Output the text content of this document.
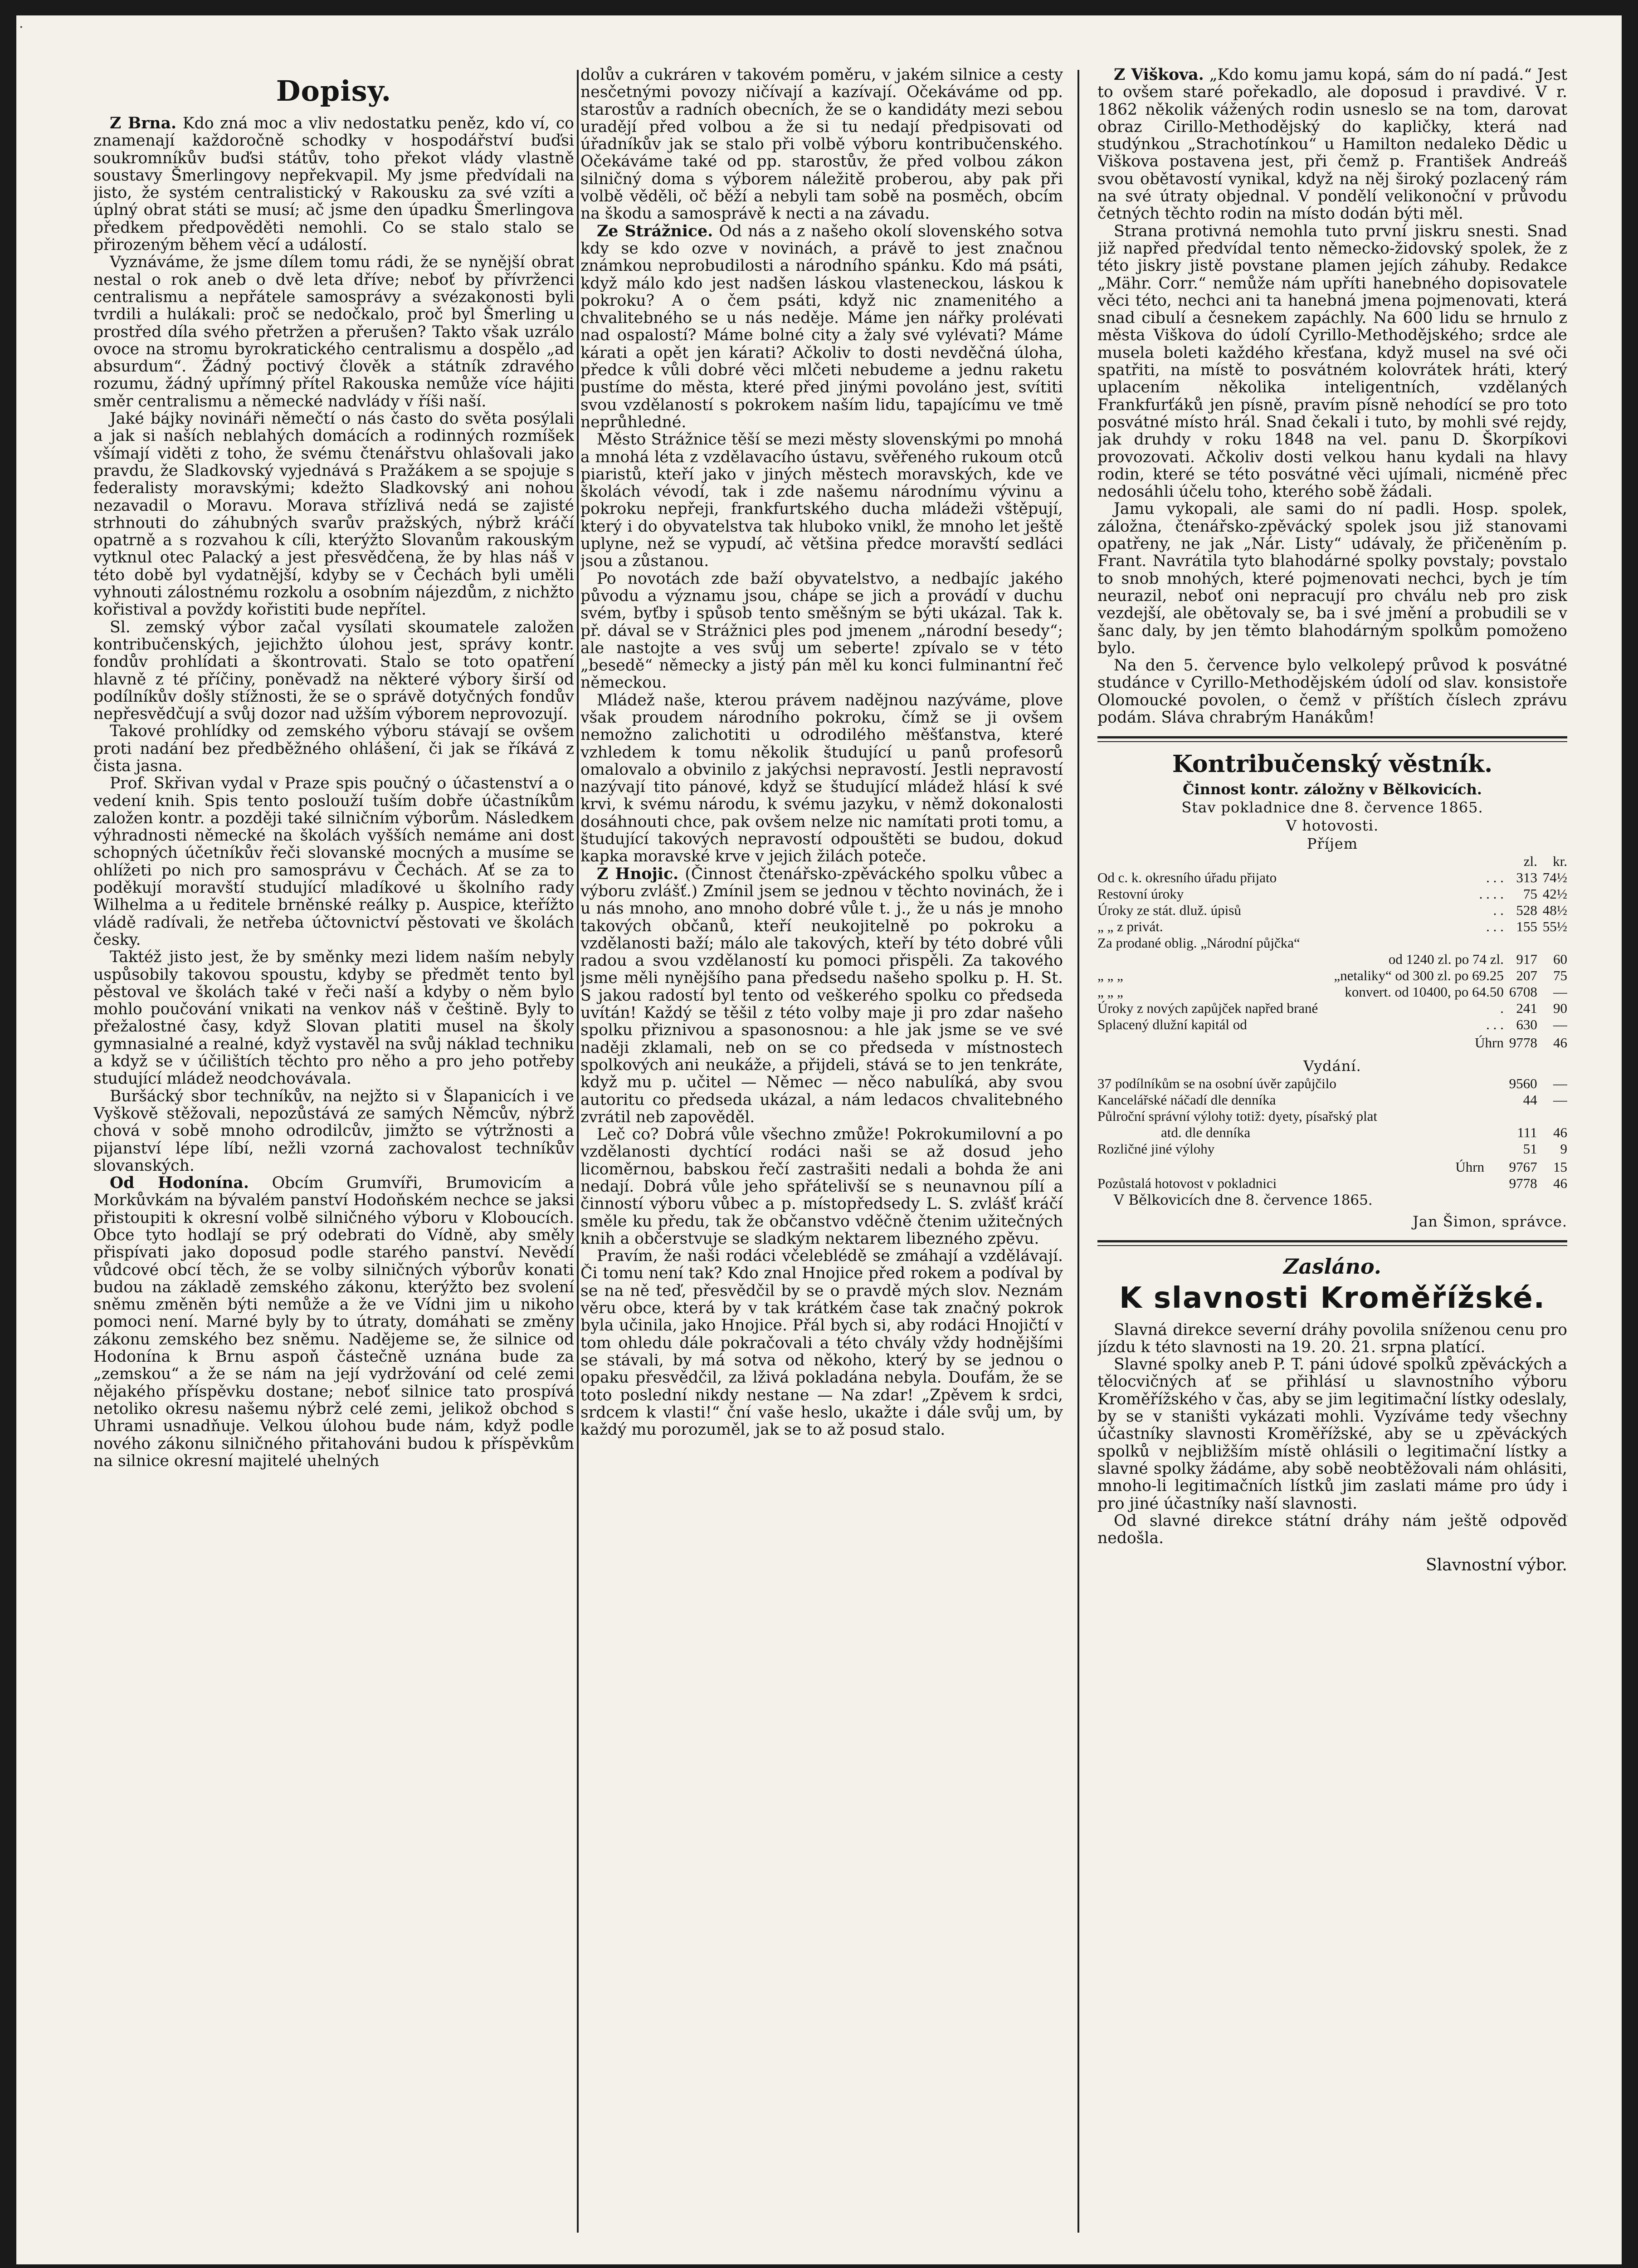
.
Dopisy.

Z Brna. Kdo zná moc a vliv nedostatku peněz, kdo ví, co znamenají každoročně schodky v hospodářství buďsi soukromníkův buďsi státův, toho překot vlády vlastně soustavy Šmerlingovy nepřekvapil. My jsme předvídali na jisto, že systém centralistický v Rakousku za své vzíti a úplný obrat státi se musí; ač jsme den úpadku Šmerlingova předkem předpověděti nemohli. Co se stalo stalo se přirozeným během věcí a událostí.

Vyznáváme, že jsme dílem tomu rádi, že se nynější obrat nestal o rok aneb o dvě leta dříve; neboť by přívrženci centralismu a nepřátele samosprávy a svézakonosti byli tvrdili a hulákali: proč se nedočkalo, proč byl Šmerling u prostřed díla svého přetržen a přerušen? Takto však uzrálo ovoce na stromu byrokratického centralismu a dospělo „ad absurdum“. Žádný poctivý člověk a státník zdravého rozumu, žádný upřímný přítel Rakouska nemůže více hájiti směr centralismu a německé nadvlády v říši naší.

Jaké bájky novináři němečtí o nás často do světa posýlali a jak si naších neblahých domácích a rodinných rozmíšek všímají viděti z toho, že svému čtenářstvu ohlašovali jako pravdu, že Sladkovský vyjednává s Pražákem a se spojuje s federalisty moravskými; kdežto Sladkovský ani nohou nezavadil o Moravu. Morava střízlivá nedá se zajisté strhnouti do záhubných svarův pražských, nýbrž kráčí opatrně a s rozvahou k cíli, kterýžto Slovanům rakouským vytknul otec Palacký a jest přesvědčena, že by hlas náš v této době byl vydatnější, kdyby se v Čechách byli uměli vyhnouti zálostnému rozkolu a osobním nájezdům, z nichžto kořistival a povždy kořistiti bude nepřítel.

Sl. zemský výbor začal vysílati skoumatele založen kontribučenských, jejichžto úlohou jest, správy kontr. fondův prohlídati a škontrovati. Stalo se toto opatření hlavně z té příčiny, poněvadž na některé výbory širší od podílníkův došly stížnosti, že se o správě dotyčných fondův nepřesvědčují a svůj dozor nad užším výborem neprovozují.

Takové prohlídky od zemského výboru stávají se ovšem proti nadání bez předběžného ohlášení, či jak se říkává z čista jasna.

Prof. Skřivan vydal v Praze spis poučný o účastenství a o vedení knih. Spis tento poslouží tuším dobře účastníkům založen kontr. a později také silničním výborům. Následkem výhradnosti německé na školách vyšších nemáme ani dost schopných účetníkův řeči slovanské mocných a musíme se ohlížeti po nich pro samosprávu v Čechách. Ať se za to poděkují moravští studující mladíkové u školního rady Wilhelma a u ředitele brněnské reálky p. Auspice, kteřížto vládě radívali, že netřeba účtovnictví pěstovati ve školách česky.

Taktéž jisto jest, že by směnky mezi lidem naším nebyly uspůsobily takovou spoustu, kdyby se předmět tento byl pěstoval ve školách také v řeči naší a kdyby o něm bylo mohlo poučování vnikati na venkov náš v češtině. Byly to přežalostné časy, když Slovan platiti musel na školy gymnasialné a realné, když vystavěl na svůj náklad techniku a když se v účilištích těchto pro něho a pro jeho potřeby studující mládež neodchovávala.

Buršácký sbor techníkův, na nejžto si v Šlapanicích i ve Vyškově stěžovali, nepozůstává ze samých Němcův, nýbrž chová v sobě mnoho odrodilcův, jimžto se výtržnosti a pijanství lépe líbí, nežli vzorná zachovalost techníkův slovanských.

Od Hodonína. Obcím Grumvíři, Brumovicím a Morkůvkám na bývalém panství Hodoňském nechce se jaksi přistoupiti k okresní volbě silničného výboru v Kloboucích. Obce tyto hodlají se prý odebrati do Vídně, aby směly přispívati jako doposud podle starého panství. Nevědí vůdcové obcí těch, že se volby silničných výborův konati budou na základě zemského zákonu, kterýžto bez svolení sněmu změněn býti nemůže a že ve Vídni jim u nikoho pomoci není. Marné byly by to útraty, domáhati se změny zákonu zemského bez sněmu. Nadějeme se, že silnice od Hodonína k Brnu aspoň částečně uznána bude za „zemskou“ a že se nám na její vydržování od celé zemi nějakého příspěvku dostane; neboť silnice tato prospívá netoliko okresu našemu nýbrž celé zemi, jelikož obchod s Uhrami usnadňuje. Velkou úlohou bude nám, když podle nového zákonu silničného přitahováni budou k příspěvkům na silnice okresní majitelé uhelných

dolův a cukráren v takovém poměru, v jakém silnice a cesty nesčetnými povozy ničívají a kazívají. Očekáváme od pp. starostův a radních obecních, že se o kandidáty mezi sebou uradějí před volbou a že si tu nedají předpisovati od úřadníkův jak se stalo při volbě výboru kontribučenského. Očekáváme také od pp. starostův, že před volbou zákon silničný doma s výborem náležitě proberou, aby pak při volbě věděli, oč běží a nebyli tam sobě na posměch, obcím na škodu a samosprávě k necti a na závadu.

Ze Strážnice. Od nás a z našeho okolí slovenského sotva kdy se kdo ozve v novinách, a právě to jest značnou známkou neprobudilosti a národního spánku. Kdo má psáti, když málo kdo jest nadšen láskou vlasteneckou, láskou k pokroku? A o čem psáti, když nic znamenitého a chvalitebného se u nás neděje. Máme jen nářky prolévati nad ospalostí? Máme bolné city a žaly své vylévati? Máme kárati a opět jen kárati? Ačkoliv to dosti nevděčná úloha, předce k vůli dobré věci mlčeti nebudeme a jednu raketu pustíme do města, které před jinými povoláno jest, svítiti svou vzdělaností s pokrokem naším lidu, tapajícímu ve tmě neprůhledné.

Město Strážnice těší se mezi městy slovenskými po mnohá a mnohá léta z vzdělavacího ústavu, svěřeného rukoum otců piaristů, kteří jako v jiných městech moravských, kde ve školách vévodí, tak i zde našemu národnímu vývinu a pokroku nepřeji, frankfurtského ducha mládeži vštěpují, který i do obyvatelstva tak hluboko vnikl, že mnoho let ještě uplyne, než se vypudí, ač většina předce moravští sedláci jsou a zůstanou.

Po novotách zde baží obyvatelstvo, a nedbajíc jakého původu a významu jsou, chápe se jich a provádí v duchu svém, byťby i spůsob tento směšným se býti ukázal. Tak k. př. dával se v Strážnici ples pod jmenem „národní besedy“; ale nastojte a ves svůj um seberte! zpívalo se v této „besedě“ německy a jistý pán měl ku konci fulminantní řeč německou.

Mládež naše, kterou právem nadějnou nazýváme, plove však proudem národního pokroku, čímž se ji ovšem nemožno zalichotiti u odrodilého měšťanstva, které vzhledem k tomu několik študující u panů profesorů omalovalo a obvinilo z jakýchsi nepravostí. Jestli nepravostí nazývají tito pánové, když se študující mládež hlásí k své krvi, k svému národu, k svému jazyku, v němž dokonalosti dosáhnouti chce, pak ovšem nelze nic namítati proti tomu, a študující takových nepravostí odpouštěti se budou, dokud kapka moravské krve v jejich žilách poteče.

Z Hnojic. (Činnost čtenářsko-zpěváckého spolku vůbec a výboru zvlášť.) Zmínil jsem se jednou v těchto novinách, že i u nás mnoho, ano mnoho dobré vůle t. j., že u nás je mnoho takových občanů, kteří neukojitelně po pokroku a vzdělanosti baží; málo ale takových, kteří by této dobré vůli radou a svou vzdělaností ku pomoci přispěli. Za takového jsme měli nynějšího pana předsedu našeho spolku p. H. St. S jakou radostí byl tento od veškerého spolku co předseda uvítán! Každý se těšil z této volby maje ji pro zdar našeho spolku přiznivou a spasonosnou: a hle jak jsme se ve své naději zklamali, neb on se co předseda v místnostech spolkových ani neukáže, a přijdeli, stává se to jen tenkráte, když mu p. učitel — Němec — něco nabulíká, aby svou autoritu co předseda ukázal, a nám ledacos chvalitebného zvrátil neb zapověděl.

Leč co? Dobrá vůle všechno zmůže! Pokrokumilovní a po vzdělanosti dychtící rodáci naši se až dosud jeho licoměrnou, babskou řečí zastrašiti nedali a bohda že ani nedají. Dobrá vůle jeho spřátelivší se s neunavnou pílí a činností výboru vůbec a p. místopředsedy L. S. zvlášť kráčí směle ku předu, tak že občanstvo vděčně čtenim užitečných knih a občerstvuje se sladkým nektarem libezného zpěvu.

Pravím, že naši rodáci včeleblédě se zmáhají a vzdělávají. Či tomu není tak? Kdo znal Hnojice před rokem a podíval by se na ně teď, přesvědčil by se o pravdě mých slov. Neznám věru obce, která by v tak krátkém čase tak značný pokrok byla učinila, jako Hnojice. Přál bych si, aby rodáci Hnojičtí v tom ohledu dále pokračovali a této chvály vždy hodnějšími se stávali, by má sotva od někoho, který by se jednou o opaku přesvědčil, za lživá pokladána nebyla. Doufám, že se toto poslední nikdy nestane — Na zdar! „Zpěvem k srdci, srdcem k vlasti!“ ční vaše heslo, ukažte i dále svůj um, by každý mu porozuměl, jak se to až posud stalo.

Z Viškova. „Kdo komu jamu kopá, sám do ní padá.“ Jest to ovšem staré pořekadlo, ale doposud i pravdivé. V r. 1862 několik vážených rodin usneslo se na tom, darovat obraz Cirillo-Methodějský do kapličky, která nad studýnkou „Strachotínkou“ u Hamilton nedaleko Dědic u Viškova postavena jest, při čemž p. František Andreáš svou obětavostí vynikal, když na něj široký pozlacený rám na své útraty objednal. V pondělí velikonoční v průvodu četných těchto rodin na místo dodán býti měl.

Strana protivná nemohla tuto první jiskru snesti. Snad již napřed předvídal tento německo-židovský spolek, že z této jiskry jistě povstane plamen jejích záhuby. Redakce „Mähr. Corr.“ nemůže nám upříti hanebného dopisovatele věci této, nechci ani ta hanebná jmena pojmenovati, která snad cibulí a česnekem zapáchly. Na 600 lidu se hrnulo z města Viškova do údolí Cyrillo-Methodějského; srdce ale musela boleti každého křesťana, když musel na své oči spatřiti, na místě to posvátném kolovrátek hráti, který uplacením několika inteligentních, vzdělaných Frankfurťáků jen písně, pravím písně nehodící se pro toto posvátné místo hrál. Snad čekali i tuto, by mohli své rejdy, jak druhdy v roku 1848 na vel. panu D. Škorpíkovi provozovati. Ačkoliv dosti velkou hanu kydali na hlavy rodin, které se této posvátné věci ujímali, nicméně přec nedosáhli účelu toho, kterého sobě žádali.

Jamu vykopali, ale sami do ní padli. Hosp. spolek, záložna, čtenářsko-zpěvácký spolek jsou již stanovami opatřeny, ne jak „Nár. Listy“ udávaly, že přičeněním p. Frant. Navrátila tyto blahodárné spolky povstaly; povstalo to snob mnohých, které pojmenovati nechci, bych je tím neurazil, neboť oni nepracují pro chválu neb pro zisk vezdejší, ale obětovaly se, ba i své jmění a probudili se v šanc daly, by jen těmto blahodárným spolkům pomoženo bylo.

Na den 5. července bylo velkolepý průvod k posvátné studánce v Cyrillo-Methodějském údolí od slav. konsistoře Olomoucké povolen, o čemž v příštích číslech zprávu podám. Sláva chrabrým Hanákům!

Kontribučenský věstník.
Činnost kontr. záložny v Bělkovicích.
Stav pokladnice dne 8. července 1865.
V hotovosti.
Příjem
		zl.	kr.
Od c. k. okresního úřadu přijato	. . .	313	74½
Restovní úroky	. . . .	75	42½
Úroky ze stát. dluž. úpisů	. .	528	48½
„ „ z privát.	. . .	155	55½
Za prodané oblig. „Národní půjčka“			
	od 1240 zl. po 74 zl.	917	60
„ „ „	„netaliky“ od 300 zl. po 69.25	207	75
„ „ „	konvert. od 10400, po 64.50	6708	—
Úroky z nových zapůjček napřed brané	.	241	90
Splacený dlužní kapitál od	. . .	630	—
	Úhrn	9778	46
Vydání.
37 podílníkům se na osobní úvěr zapůjčilo	9560	—
Kancelářské náčadí dle denníka	44	—
Půlroční správní výlohy totiž: dyety, písařský plat		
atd. dle denníka	111	46
Rozličné jiné výlohy	51	9
Úhrn	9767	15
Pozůstalá hotovost v pokladnici	9778	46
V Bělkovicích dne 8. července 1865.
Jan Šimon, správce.
Zasláno.
K slavnosti Kroměřížské.

Slavná direkce severní dráhy povolila sníženou cenu pro jízdu k této slavnosti na 19. 20. 21. srpna platící.

Slavné spolky aneb P. T. páni údové spolků zpěváckých a tělocvičných ať se přihlásí u slavnostního výboru Kroměřížského v čas, aby se jim legitimační lístky odeslaly, by se v staništi vykázati mohli. Vyzíváme tedy všechny účastníky slavnosti Kroměřížské, aby se u zpěváckých spolků v nejbližším místě ohlásili o legitimační lístky a slavné spolky žádáme, aby sobě neobtěžovali nám ohlásiti, mnoho-li legitimačních lístků jim zaslati máme pro údy i pro jiné účastníky naší slavnosti.

Od slavné direkce státní dráhy nám ještě odpověď nedošla.

Slavnostní výbor.
